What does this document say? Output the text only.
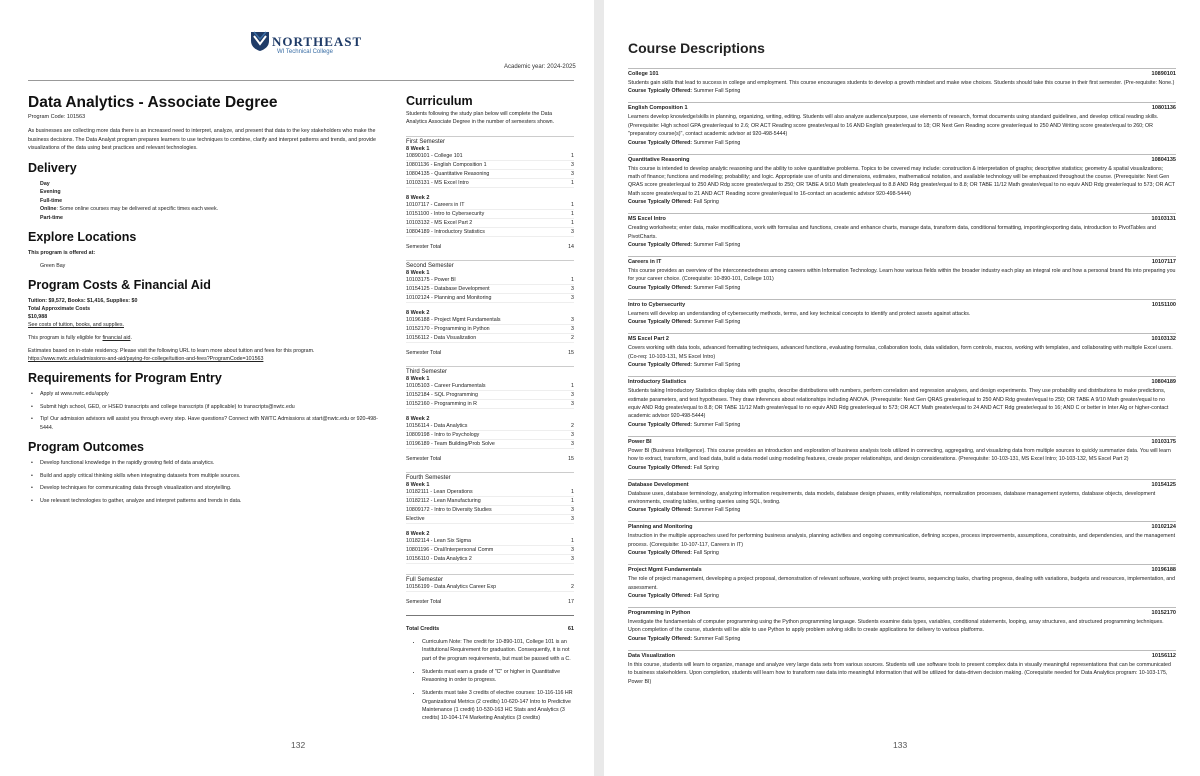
NORTHEAST
WI Technical College
Academic year: 2024-2025
Data Analytics - Associate Degree
Program Code: 101563
As businesses are collecting more data there is an increased need to interpret, analyze, and present that data to the key stakeholders who make the business decisions. The Data Analyst program prepares learners to use techniques to combine, clarify and interpret patterns and trends, and provide visualizations of the data using best practices and relevant technologies.
Delivery
Day
Evening
Full-time
Online: Some online courses may be delivered at specific times each week.
Part-time
Explore Locations
This program is offered at:
Green Bay
Program Costs & Financial Aid
Tuition: $9,572, Books: $1,416, Supplies: $0
Total Approximate Costs
$10,988
See costs of tuition, books, and supplies.
This program is fully eligible for financial aid.
Estimates based on in-state residency. Please visit the following URL to learn more about tuition and fees for this program.
https://www.nwtc.edu/admissions-and-aid/paying-for-college/tuition-and-fees?ProgramCode=101563
Requirements for Program Entry
• Apply at www.nwtc.edu/apply
• Submit high school, GED, or HSED transcripts and college transcripts (if applicable) to transcripts@nwtc.edu
• Tip! Our admission advisors will assist you through every step. Have questions? Connect with NWTC Admissions at start@nwtc.edu or 920-498-5444.
Program Outcomes
• Develop functional knowledge in the rapidly growing field of data analytics.
• Build and apply critical thinking skills when integrating datasets from multiple sources.
• Develop techniques for communicating data through visualization and storytelling.
• Use relevant technologies to gather, analyze and interpret patterns and trends in data.
Curriculum
Students following the study plan below will complete the Data Analytics Associate Degree in the number of semesters shown.
First Semester
8 Week 1
10890101 - College 101	1
10801136 - English Composition 1	3
10804135 - Quantitative Reasoning	3
10103131 - MS Excel Intro	1
8 Week 2
10107117 - Careers in IT	1
10151100 - Intro to Cybersecurity	1
10103132 - MS Excel Part 2	1
10804189 - Introductory Statistics	3
Semester Total	14
Second Semester
8 Week 1
10103175 - Power BI	1
10154125 - Database Development	3
10102124 - Planning and Monitoring	3
8 Week 2
10196188 - Project Mgmt Fundamentals	3
10152170 - Programming in Python	3
10156112 - Data Visualization	2
Semester Total	15
Third Semester
8 Week 1
10105103 - Career Fundamentals	1
10152184 - SQL Programming	3
10152160 - Programming in R	3
8 Week 2
10156114 - Data Analytics	2
10809198 - Intro to Psychology	3
10196189 - Team Building/Prob Solve	3
Semester Total	15
Fourth Semester
8 Week 1
10182111 - Lean Operations	1
10182112 - Lean Manufacturing	1
10809172 - Intro to Diversity Studies	3
Elective	3
8 Week 2
10182114 - Lean Six Sigma	1
10801196 - Oral/Interpersonal Comm	3
10156110 - Data Analytics 2	3
Full Semester
10156199 - Data Analytics Career Exp	2
Semester Total	17
Total Credits	61
• Curriculum Note: The credit for 10-890-101, College 101 is an Institutional Requirement for graduation. Consequently, it is not part of the program requirements, but must be passed with a C.
• Students must earn a grade of "C" or higher in Quantitative Reasoning in order to progress.
• Students must take 3 credits of elective courses: 10-116-116 HR Organizational Metrics (2 credits) 10-620-147 Intro to Predictive Maintenance (1 credit) 10-530-163 HC Stats and Analytics (3 credits) 10-104-174 Marketing Analytics (3 credits)
132
Course Descriptions
College 101	10890101
Students gain skills that lead to success in college and employment. This course encourages students to develop a growth mindset and make wise choices. Students should take this course in their first semester. (Pre-requisite: None.)
Course Typically Offered: Summer Fall Spring
English Composition 1	10801136
Learners develop knowledge/skills in planning, organizing, writing, editing. Students will also analyze audience/purpose, use elements of research, format documents using standard guidelines, and develop critical reading skills. (Prerequisite: High school GPA greater/equal to 2.6; OR ACT Reading score greater/equal to 16 AND English greater/equal to 18; OR Next Gen Reading score greater/equal to 250 AND Writing score greater/equal to 260; OR "preparatory course(s)", contact academic advisor at 920-498-5444)
Course Typically Offered: Summer Fall Spring
Quantitative Reasoning	10804135
This course is intended to develop analytic reasoning and the ability to solve quantitative problems. Topics to be covered may include: construction & interpretation of graphs; descriptive statistics; geometry & spatial visualizations; math of finance; functions and modeling; probability; and logic. Appropriate use of units and dimensions, estimates, mathematical notation, and available technology will be emphasized throughout the course. (Prerequisite: Next Gen QRAS score greater/equal to 250 AND Rdg score greater/equal to 250; OR TABE A 9/10 Math greater/equal to 8.8 AND Rdg greater/equal to 8.8; OR TABE 11/12 Math greater/equal to no equiv AND Rdg greater/equal to 573; OR ACT Math score greater/equal to 21 AND ACT Reading score greater/equal to 16-contact an academic advisor 920-498-5444)
Course Typically Offered: Fall Spring
MS Excel Intro	10103131
Creating worksheets; enter data, make modifications, work with formulas and functions, create and enhance charts, manage data, transform data, conditional formatting, importing/exporting data, introduction to PivotTables and PivotCharts.
Course Typically Offered: Summer Fall Spring
Careers in IT	10107117
This course provides an overview of the interconnectedness among careers within Information Technology. Learn how various fields within the broader industry each play an integral role and how a personal brand fits into preparing you for your career choice. (Corequisite: 10-890-101, College 101)
Course Typically Offered: Summer Fall Spring
Intro to Cybersecurity	10151100
Learners will develop an understanding of cybersecurity methods, terms, and key technical concepts to identify and protect assets against attacks.
Course Typically Offered: Summer Fall Spring
MS Excel Part 2	10103132
Covers working with data tools, advanced formatting techniques, advanced functions, evaluating formulas, collaboration tools, data validation, form controls, macros, working with templates, and collaborating with multiple Excel users. (Co-req: 10-103-131, MS Excel Intro)
Course Typically Offered: Summer Fall Spring
Introductory Statistics	10804189
Students taking Introductory Statistics display data with graphs, describe distributions with numbers, perform correlation and regression analyses, and design experiments. They use probability and distributions to make predictions, estimate parameters, and test hypotheses. They draw inferences about relationships including ANOVA. (Prerequisite: Next Gen QRAS greater/equal to 250 AND Rdg greater/equal to 250; OR TABE A 9/10 Math greater/equal to no equiv AND Rdg greater/equal to 8.8; OR TABE 11/12 Math greater/equal to no equiv AND Rdg greater/equal to 573; OR ACT Math greater/equal to 24 AND ACT Rdg greater/equal to 16; AND C or better in Inter Alg or higher-contact academic advisor 920-498-5444)
Course Typically Offered: Summer Fall Spring
Power BI	10103175
Power BI (Business Intelligence). This course provides an introduction and exploration of business analysis tools utilized in connecting, aggregating, and visualizing data from multiple sources to quickly summarize data. You will learn how to extract, transform, and load data, build a data model using modeling features, create proper relationships, and design considerations. (Prerequisite: 10-103-131, MS Excel Intro; 10-103-132, MS Excel Part 2)
Course Typically Offered: Fall Spring
Database Development	10154125
Database uses, database terminology, analyzing information requirements, data models, database design phases, entity relationships, normalization processes, database management systems, database objects, development environments, creating tables, writing queries using SQL, testing.
Course Typically Offered: Summer Fall Spring
Planning and Monitoring	10102124
Instruction in the multiple approaches used for performing business analysis, planning activities and ongoing communication, defining scopes, process improvements, assumptions, constraints, and dependencies, and the management process. (Corequisite: 10-107-117, Careers in IT)
Course Typically Offered: Fall Spring
Project Mgmt Fundamentals	10196188
The role of project management, developing a project proposal, demonstration of relevant software, working with project teams, sequencing tasks, charting progress, dealing with variations, budgets and resources, implementation, and assessment.
Course Typically Offered: Fall Spring
Programming in Python	10152170
Investigate the fundamentals of computer programming using the Python programming language. Students examine data types, variables, conditional statements, looping, array structures, and structured programming techniques. Upon completion of the course, students will be able to use Python to apply problem solving skills to create applications for delivery to various platforms.
Course Typically Offered: Summer Fall Spring
Data Visualization	10156112
In this course, students will learn to organize, manage and analyze very large data sets from various sources. Students will use software tools to present complex data in visually meaningful representations that can be communicated to business stakeholders. Upon completion, students will learn how to transform raw data into meaningful information that will be utilized for data-driven decision making. (Corequisite needed for Data Analytics program: 10-103-175, Power BI)
133
